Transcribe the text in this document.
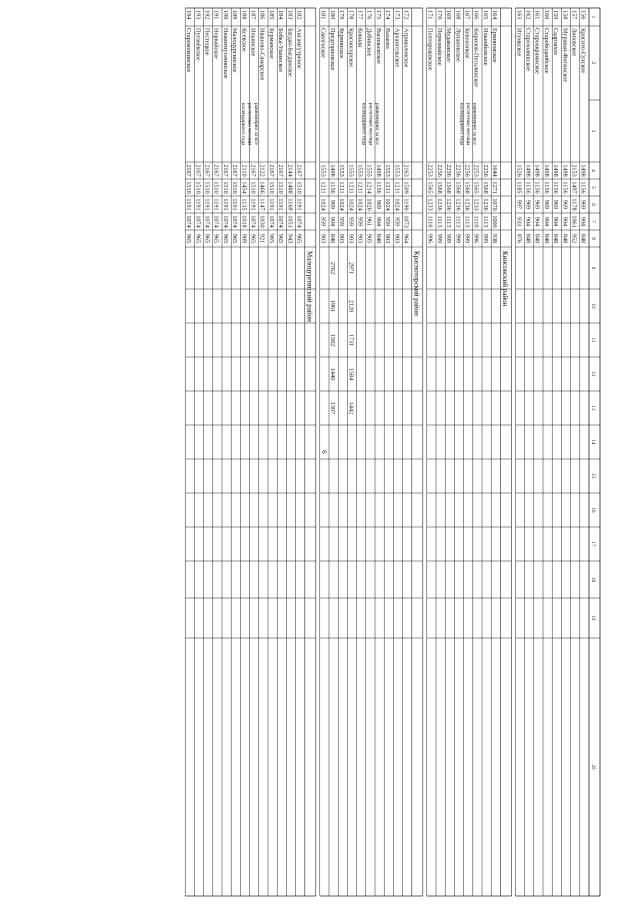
6
1
2
3
4
5
6
7
8
9
10
11
12
13
14
15
16
17
18
19
20
156
Краснэо-Сухское
1498
1156
969
904
848
157
Липовское
2153
1497
1178
1061
952
158
Муравьи-Фигинское
1498
1156
969
904
848
159
Садрзахое
1498
1156
969
904
848
160
Старободанбское
1498
1156
969
904
848
161
Староакрамнское
1498
1156
969
904
848
162
Старозоавшское
1498
1156
969
904
848
163
Итумкское
1526
1185
997
933
876
Кинсовский район
164
Ерминовское
1644
1271
1070
1000
938
165
Ильинбовское
2256
1568
1236
1113
999
166
Кирилов-Песьлинское
2253
1565
1233
1110
996
167
Кеволопкое
2256
1568
1236
1113
999
168
Лупановское
2256
1568
1236
1113
999
169
Мудаковское
2256
1568
1236
1113
999
170
Первомайское
2256
1568
1236
1113
999
171
Полтороковское
2253
1565
1233
1110
996
Красноторский район
172
Агриколовское
2163
1509
1190
1073
964
173
Архангельское
1553
1211
1024
959
903
174
Вазаевл
1553
1211
1024
959
903
175
Васильевское
1498
1156
969
904
848
176
Добинское
1555
1214
1026
961
905
177
Кокнан
1553
1211
1024
959
903
178
Красногорское
1553
1211
1024
959
903
2971
2120
1731
1584
1442
179
Куряниское
1553
1211
1024
959
903
180
Предгорновское
1498
1156
969
904
848
2762
1961
1582
1440
1307
181
Савлгнское
1553
1211
1024
959
903
Малоцургинский район
182
Ансамгутреное
2167
1510
1191
1074
965
183
Багдан-Багданское
2144
1488
1169
1051
943
184
Бобка-Ушинское
2167
1510
1191
1074
965
185
Бурманское
2167
1510
1191
1074
965
186
Иваново-Самарское
2122
1466
1147
1030
921
187
Ильинское
2167
1510
1191
1074
965
188
Ксевское
2110
1454
1135
1018
909
189
Малоцургинское
2167
1510
1191
1074
965
190
Нижненугачинское
2167
1510
1191
1074
965
191
Норвайское
2167
1510
1191
1074
965
192
Пестецкое
2167
1510
1191
1074
965
193
Пугачёвское
2167
1510
1191
1074
965
194
Старомоминское
2167
1510
1191
1074
965
равномерно за все
расчетные месяцы
календарного года
равномерно за все
расчетные месяцы
календарного года
равномерно за все
расчетные месяцы
календарного года
